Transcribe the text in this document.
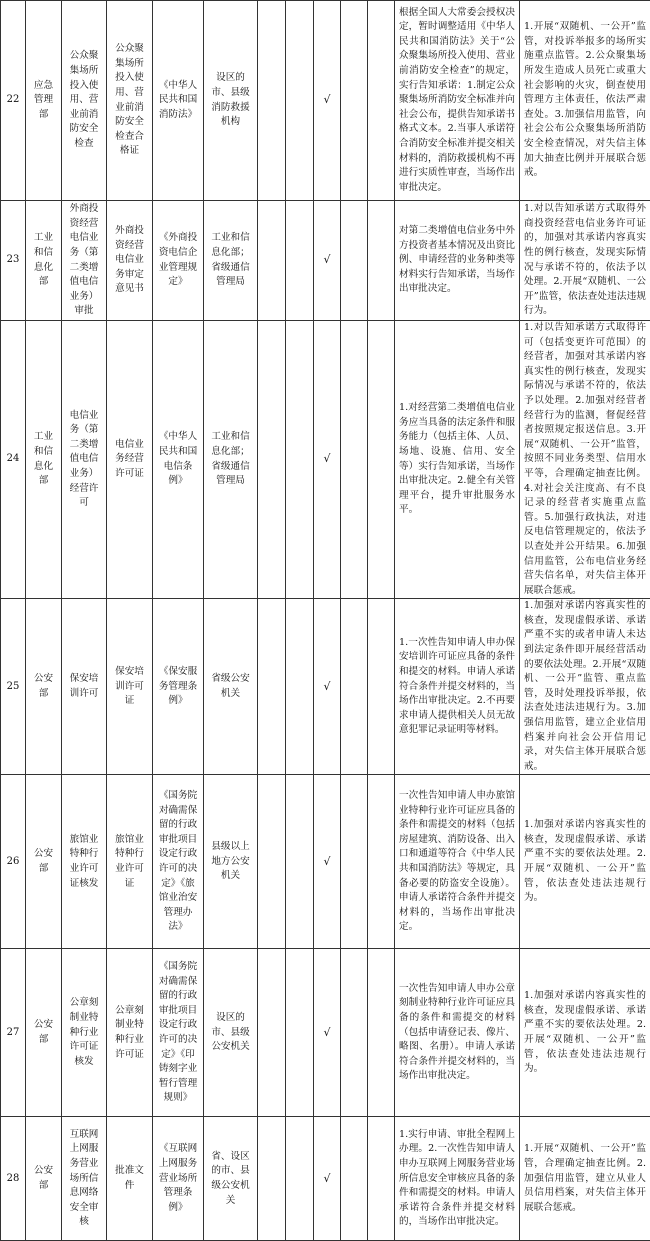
22	应急管理部	公众聚集场所投入使用、营业前消防安全检查	公众聚集场所投入使用、营业前消防安全检查合格证	《中华人民共和国消防法》	设区的市、县级消防救援机构			√			根据全国人大常委会授权决定，暂时调整适用《中华人民共和国消防法》关于“公众聚集场所投入使用、营业前消防安全检查”的规定，实行告知承诺：1.制定公众聚集场所消防安全标准并向社会公布，提供告知承诺书格式文本。2.当事人承诺符合消防安全标准并提交相关材料的，消防救援机构不再进行实质性审查，当场作出审批决定。	1.开展“双随机、一公开”监管，对投诉举报多的场所实施重点监管。2.公众聚集场所发生造成人员死亡或重大社会影响的火灾，倒查使用管理方主体责任，依法严肃查处。3.加强信用监管，向社会公布公众聚集场所消防安全检查情况，对失信主体加大抽查比例并开展联合惩戒。
23	工业和信息化部	外商投资经营电信业务（第二类增值电信业务）审批	外商投资经营电信业务审定意见书	《外商投资电信企业管理规定》	工业和信息化部；省级通信管理局			√			对第二类增值电信业务中外方投资者基本情况及出资比例、申请经营的业务种类等材料实行告知承诺，当场作出审批决定。	1.对以告知承诺方式取得外商投资经营电信业务许可证的，加强对其承诺内容真实性的例行核查，发现实际情况与承诺不符的，依法予以处理。2.开展“双随机、一公开”监管，依法查处违法违规行为。
24	工业和信息化部	电信业务（第二类增值电信业务）经营许可	电信业务经营许可证	《中华人民共和国电信条例》	工业和信息化部；省级通信管理局			√			1.对经营第二类增值电信业务应当具备的法定条件和服务能力（包括主体、人员、场地、设施、信用、安全等）实行告知承诺，当场作出审批决定。2.健全有关管理平台，提升审批服务水平。	1.对以告知承诺方式取得许可（包括变更许可范围）的经营者，加强对其承诺内容真实性的例行核查，发现实际情况与承诺不符的，依法予以处理。2.加强对经营者经营行为的监测，督促经营者按照规定报送信息。3.开展“双随机、一公开”监管，按照不同业务类型、信用水平等，合理确定抽查比例。4.对社会关注度高、有不良记录的经营者实施重点监管。5.加强行政执法，对违反电信管理规定的，依法予以查处并公开结果。6.加强信用监管，公布电信业务经营失信名单，对失信主体开展联合惩戒。
25	公安部	保安培训许可	保安培训许可证	《保安服务管理条例》	省级公安机关			√			1.一次性告知申请人申办保安培训许可证应具备的条件和提交的材料。申请人承诺符合条件并提交材料的，当场作出审批决定。2.不再要求申请人提供相关人员无故意犯罪记录证明等材料。	1.加强对承诺内容真实性的核查，发现虚假承诺、承诺严重不实的或者申请人未达到法定条件即开展经营活动的要依法处理。2.开展“双随机、一公开”监管、重点监管，及时处理投诉举报，依法查处违法违规行为。3.加强信用监管，建立企业信用档案并向社会公开信用记录，对失信主体开展联合惩戒。
26	公安部	旅馆业特种行业许可证核发	旅馆业特种行业许可证	《国务院对确需保留的行政审批项目设定行政许可的决定》《旅馆业治安管理办法》	县级以上地方公安机关			√			一次性告知申请人申办旅馆业特种行业许可证应具备的条件和需提交的材料（包括房屋建筑、消防设备、出入口和通道等符合《中华人民共和国消防法》等规定，具备必要的防盗安全设施）。申请人承诺符合条件并提交材料的，当场作出审批决定。	1.加强对承诺内容真实性的核查，发现虚假承诺、承诺严重不实的要依法处理。2.开展“双随机、一公开”监管，依法查处违法违规行为。
27	公安部	公章刻制业特种行业许可证核发	公章刻制业特种行业许可证	《国务院对确需保留的行政审批项目设定行政许可的决定》《印铸刻字业暂行管理规则》	设区的市、县级公安机关			√			一次性告知申请人申办公章刻制业特种行业许可证应具备的条件和需提交的材料（包括申请登记表、像片、略图、名册）。申请人承诺符合条件并提交材料的，当场作出审批决定。	1.加强对承诺内容真实性的核查，发现虚假承诺、承诺严重不实的要依法处理。2.开展“双随机、一公开”监管，依法查处违法违规行为。
28	公安部	互联网上网服务营业场所信息网络安全审核	批准文件	《互联网上网服务营业场所管理条例》	省、设区的市、县级公安机关			√			1.实行申请、审批全程网上办理。2.一次性告知申请人申办互联网上网服务营业场所信息安全审核应具备的条件和需提交的材料。申请人承诺符合条件并提交材料的，当场作出审批决定。	1.开展“双随机、一公开”监管，合理确定抽查比例。2.加强信用监管，建立从业人员信用档案，对失信主体开展联合惩戒。
